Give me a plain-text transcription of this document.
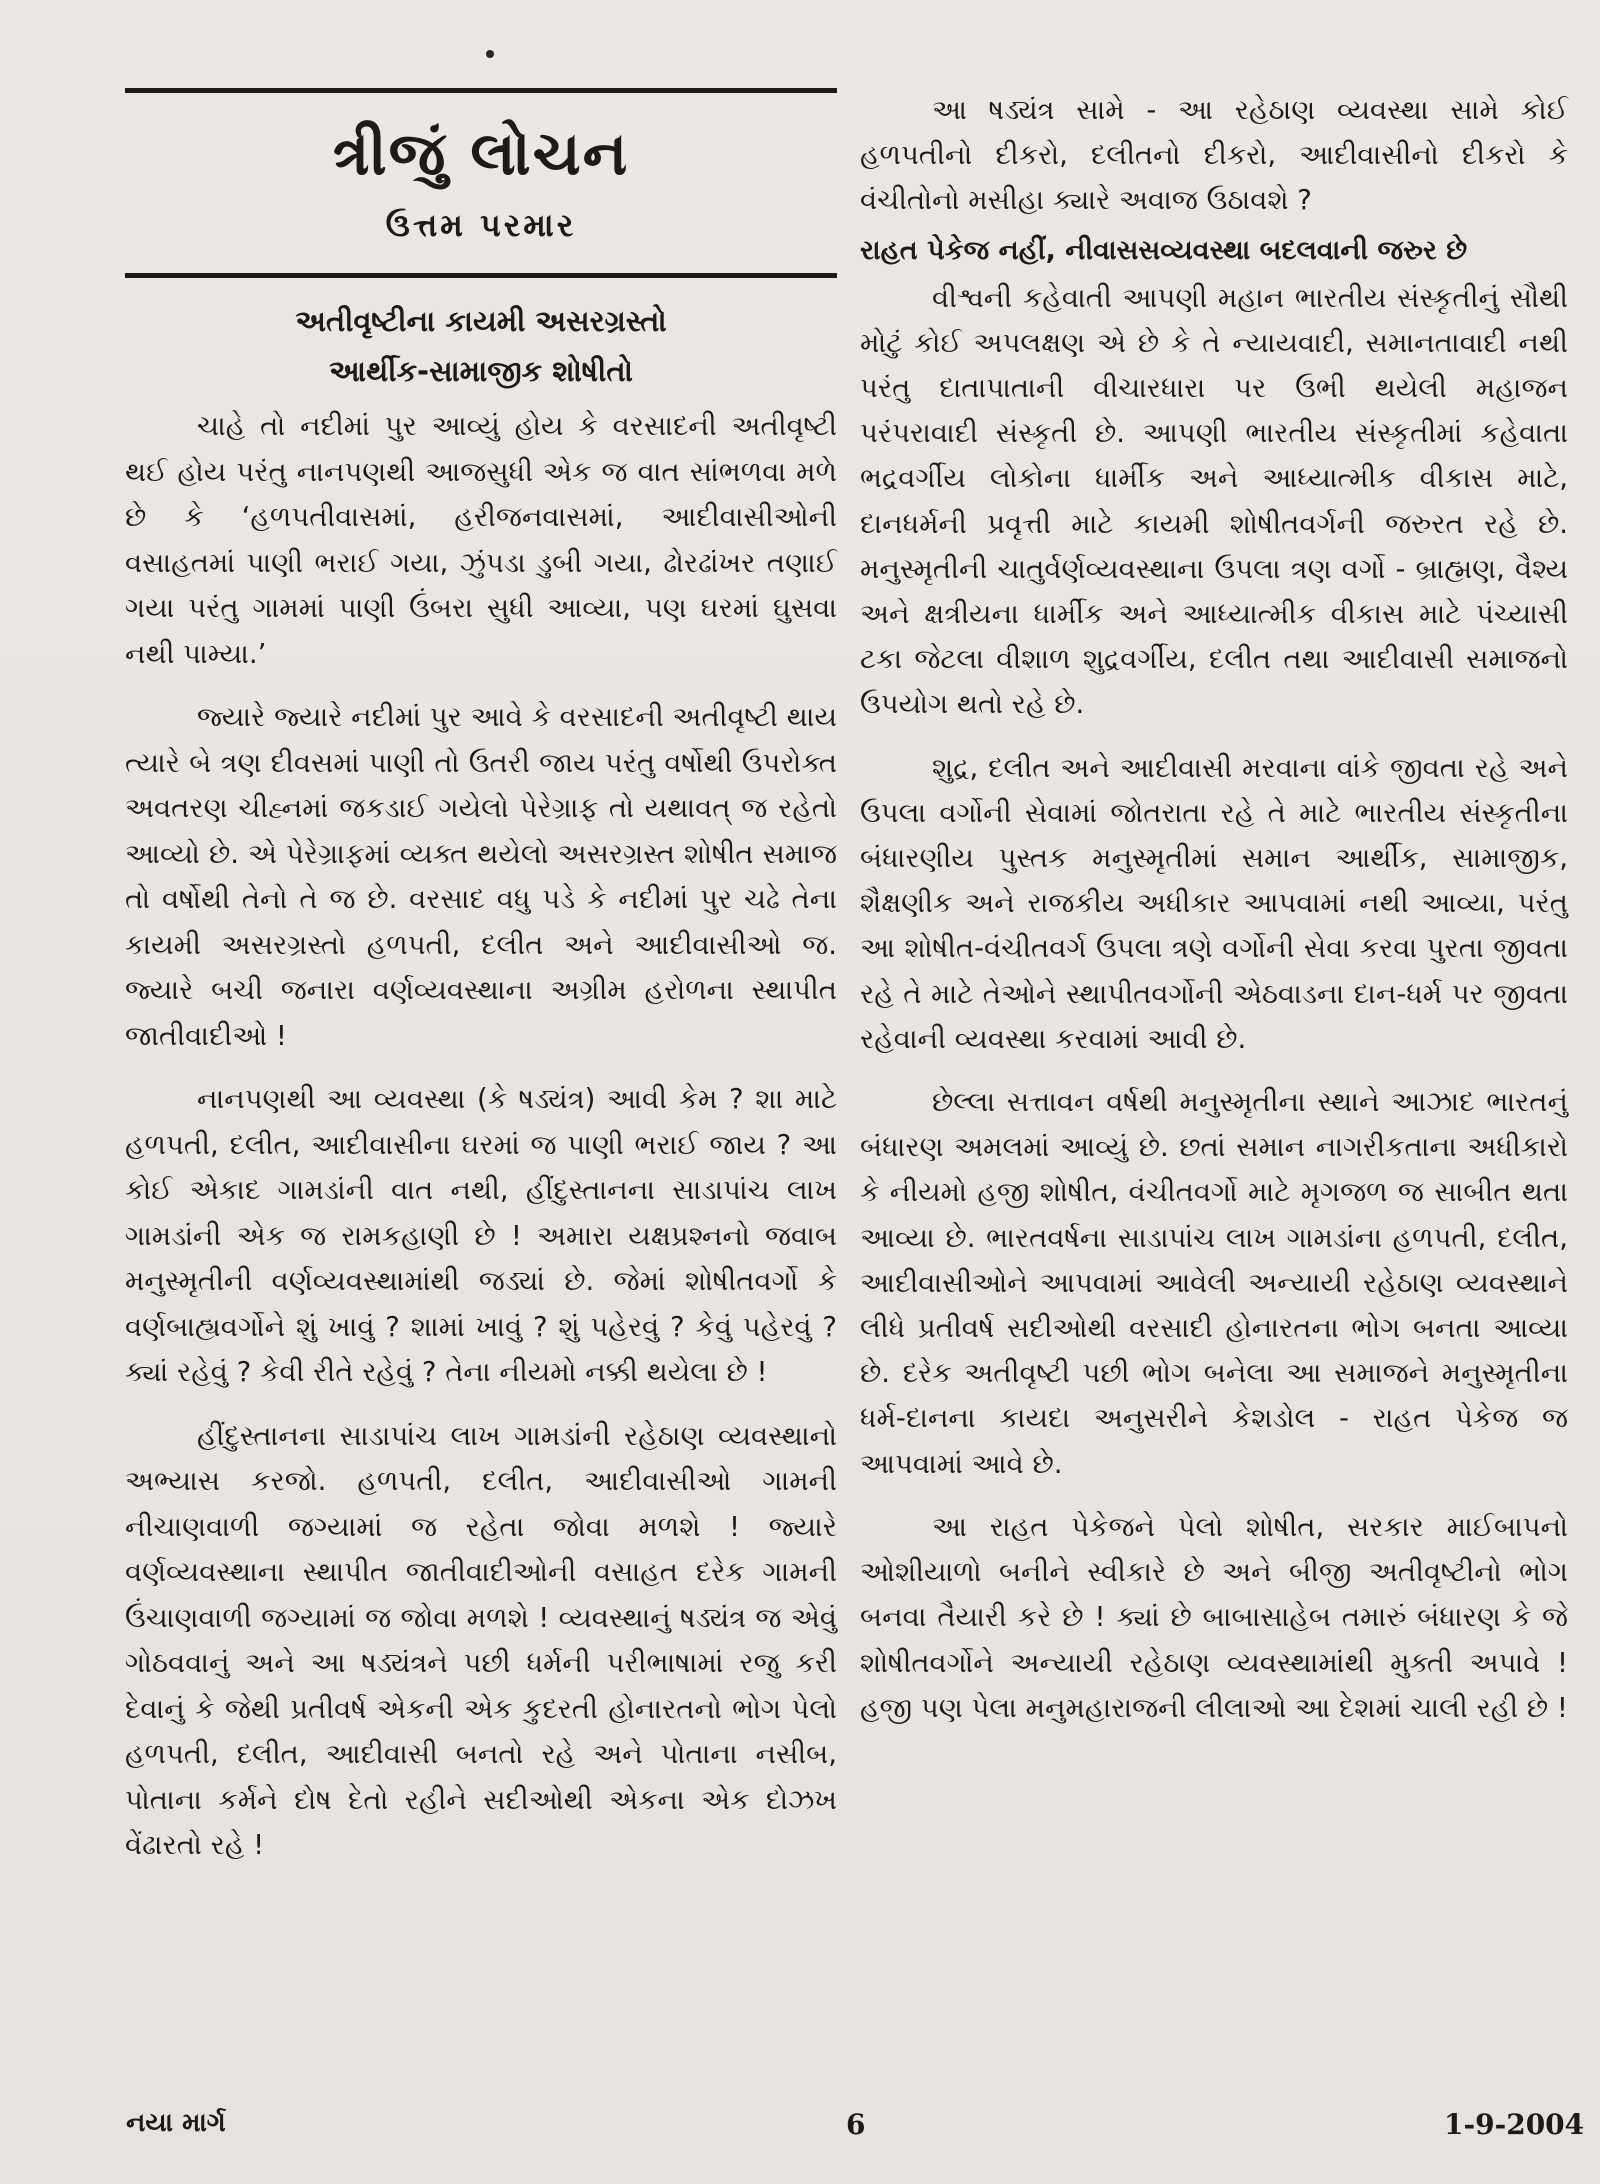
ત્રીજું લોચન
ઉત્તમ પરમાર
અતીવૃષ્ટીના કાયમી અસરગ્રસ્તો
આર્થીક-સામાજીક શોષીતો

ચાહે તો નદીમાં પુર આવ્યું હોય કે વરસાદની અતીવૃષ્ટી થઈ હોય પરંતુ નાનપણથી આજસુધી એક જ વાત સાંભળવા મળે છે કે ‘હળપતીવાસમાં, હરીજનવાસમાં, આદીવાસીઓની વસાહતમાં પાણી ભરાઈ ગયા, ઝુંપડા ડુબી ગયા, ઢોરઢાંખર તણાઈ ગયા પરંતુ ગામમાં પાણી ઉંબરા સુધી આવ્યા, પણ ઘરમાં ઘુસવા નથી પામ્યા.’

જ્યારે જ્યારે નદીમાં પુર આવે કે વરસાદની અતીવૃષ્ટી થાય ત્યારે બે ત્રણ દીવસમાં પાણી તો ઉતરી જાય પરંતુ વર્ષોથી ઉપરોક્ત અવતરણ ચીહ્નમાં જકડાઈ ગયેલો પેરેગ્રાફ તો યથાવત્ જ રહેતો આવ્યો છે. એ પેરેગ્રાફમાં વ્યક્ત થયેલો અસરગ્રસ્ત શોષીત સમાજ તો વર્ષોથી તેનો તે જ છે. વરસાદ વધુ પડે કે નદીમાં પુર ચઢે તેના કાયમી અસરગ્રસ્તો હળપતી, દલીત અને આદીવાસીઓ જ. જ્યારે બચી જનારા વર્ણવ્યવસ્થાના અગ્રીમ હરોળના સ્થાપીત જાતીવાદીઓ !

નાનપણથી આ વ્યવસ્થા (કે ષડ્યંત્ર) આવી કેમ ? શા માટે હળપતી, દલીત, આદીવાસીના ઘરમાં જ પાણી ભરાઈ જાય ? આ કોઈ એકાદ ગામડાંની વાત નથી, હીંદુસ્તાનના સાડાપાંચ લાખ ગામડાંની એક જ રામકહાણી છે ! અમારા યક્ષપ્રશ્નનો જવાબ મનુસ્મૃતીની વર્ણવ્યવસ્થામાંથી જડ્યાં છે. જેમાં શોષીતવર્ગો કે વર્ણબાહ્યવર્ગોને શું ખાવું ? શામાં ખાવું ? શું પહેરવું ? કેવું પહેરવું ? ક્યાં રહેવું ? કેવી રીતે રહેવું ? તેના નીયમો નક્કી થયેલા છે !

હીંદુસ્તાનના સાડાપાંચ લાખ ગામડાંની રહેઠાણ વ્યવસ્થાનો અભ્યાસ કરજો. હળપતી, દલીત, આદીવાસીઓ ગામની નીચાણવાળી જગ્યામાં જ રહેતા જોવા મળશે ! જ્યારે વર્ણવ્યવસ્થાના સ્થાપીત જાતીવાદીઓની વસાહત દરેક ગામની ઉંચાણવાળી જગ્યામાં જ જોવા મળશે ! વ્યવસ્થાનું ષડ્યંત્ર જ એવું ગોઠવવાનું અને આ ષડ્યંત્રને પછી ધર્મની પરીભાષામાં રજુ કરી દેવાનું કે જેથી પ્રતીવર્ષ એકની એક કુદરતી હોનારતનો ભોગ પેલો હળપતી, દલીત, આદીવાસી બનતો રહે અને પોતાના નસીબ, પોતાના કર્મને દોષ દેતો રહીને સદીઓથી એકના એક દોઝખ વેંઢારતો રહે !

આ ષડ્યંત્ર સામે - આ રહેઠાણ વ્યવસ્થા સામે કોઈ હળપતીનો દીકરો, દલીતનો દીકરો, આદીવાસીનો દીકરો કે વંચીતોનો મસીહા ક્યારે અવાજ ઉઠાવશે ?

રાહત પેકેજ નહીં, નીવાસસવ્યવસ્થા બદલવાની જરુર છે

વીશ્વની કહેવાતી આપણી મહાન ભારતીય સંસ્કૃતીનું સૌથી મોટું કોઈ અપલક્ષણ એ છે કે તે ન્યાયવાદી, સમાનતાવાદી નથી પરંતુ દાતાપાતાની વીચારધારા પર ઉભી થયેલી મહાજન પરંપરાવાદી સંસ્કૃતી છે. આપણી ભારતીય સંસ્કૃતીમાં કહેવાતા ભદ્રવર્ગીય લોકોના ધાર્મીક અને આધ્યાત્મીક વીકાસ માટે, દાનધર્મની પ્રવૃત્તી માટે કાયમી શોષીતવર્ગની જરુરત રહે છે. મનુસ્મૃતીની ચાતુર્વર્ણવ્યવસ્થાના ઉપલા ત્રણ વર્ગો - બ્રાહ્મણ, વૈશ્ય અને ક્ષત્રીયના ધાર્મીક અને આધ્યાત્મીક વીકાસ માટે પંચ્યાસી ટકા જેટલા વીશાળ શુદ્રવર્ગીય, દલીત તથા આદીવાસી સમાજનો ઉપયોગ થતો રહે છે.

શુદ્ર, દલીત અને આદીવાસી મરવાના વાંકે જીવતા રહે અને ઉપલા વર્ગોની સેવામાં જોતરાતા રહે તે માટે ભારતીય સંસ્કૃતીના બંધારણીય પુસ્તક મનુસ્મૃતીમાં સમાન આર્થીક, સામાજીક, શૈક્ષણીક અને રાજકીય અધીકાર આપવામાં નથી આવ્યા, પરંતુ આ શોષીત-વંચીતવર્ગ ઉપલા ત્રણે વર્ગોની સેવા કરવા પુરતા જીવતા રહે તે માટે તેઓને સ્થાપીતવર્ગોની એઠવાડના દાન-ધર્મ પર જીવતા રહેવાની વ્યવસ્થા કરવામાં આવી છે.

છેલ્લા સત્તાવન વર્ષથી મનુસ્મૃતીના સ્થાને આઝાદ ભારતનું બંધારણ અમલમાં આવ્યું છે. છતાં સમાન નાગરીકતાના અધીકારો કે નીયમો હજી શોષીત, વંચીતવર્ગો માટે મૃગજળ જ સાબીત થતા આવ્યા છે. ભારતવર્ષના સાડાપાંચ લાખ ગામડાંના હળપતી, દલીત, આદીવાસીઓને આપવામાં આવેલી અન્યાયી રહેઠાણ વ્યવસ્થાને લીધે પ્રતીવર્ષ સદીઓથી વરસાદી હોનારતના ભોગ બનતા આવ્યા છે. દરેક અતીવૃષ્ટી પછી ભોગ બનેલા આ સમાજને મનુસ્મૃતીના ધર્મ-દાનના કાયદા અનુસરીને કેશડોલ - રાહત પેકેજ જ આપવામાં આવે છે.

આ રાહત પેકેજને પેલો શોષીત, સરકાર માઈબાપનો ઓશીયાળો બનીને સ્વીકારે છે અને બીજી અતીવૃષ્ટીનો ભોગ બનવા તૈયારી કરે છે ! ક્યાં છે બાબાસાહેબ તમારું બંધારણ કે જે શોષીતવર્ગોને અન્યાયી રહેઠાણ વ્યવસ્થામાંથી મુક્તી અપાવે ! હજી પણ પેલા મનુમહારાજની લીલાઓ આ દેશમાં ચાલી રહી છે !

નયા માર્ગ	6	1-9-2004
